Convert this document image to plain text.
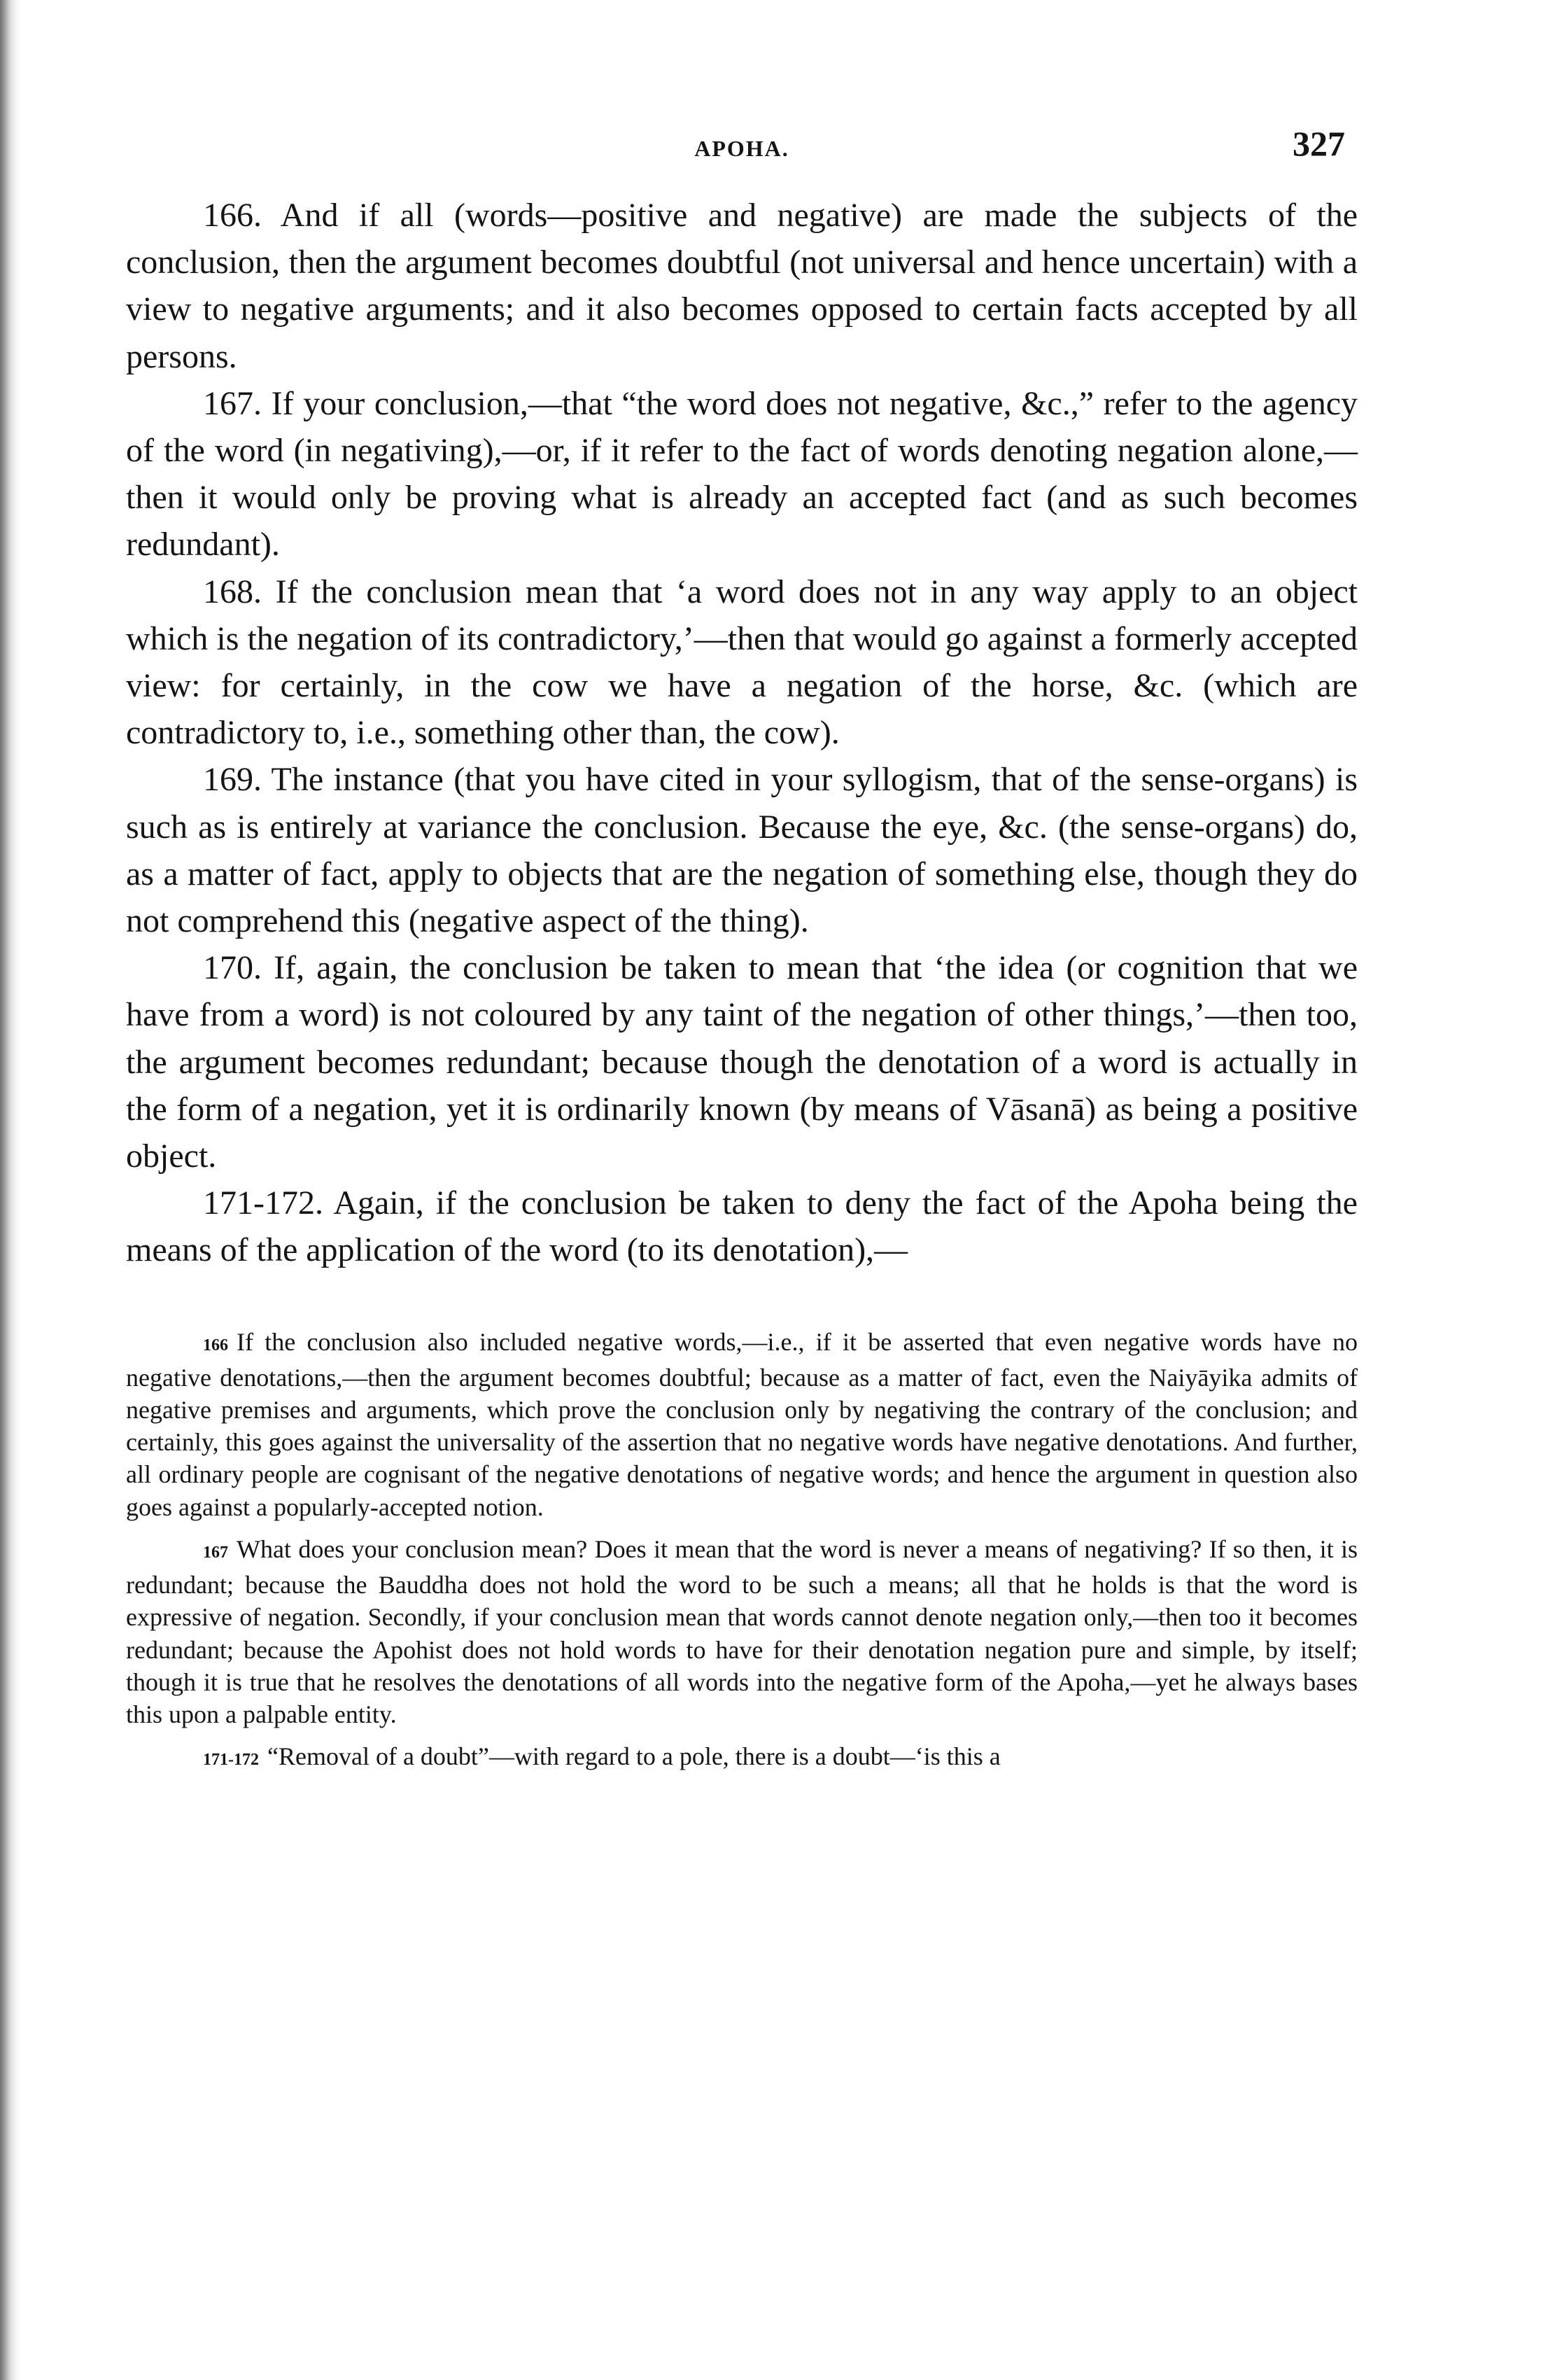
APOHA.	327

166. And if all (words—positive and negative) are made the subjects of the conclusion, then the argument becomes doubtful (not universal and hence uncertain) with a view to negative arguments; and it also becomes opposed to certain facts accepted by all persons.

167. If your conclusion,—that “the word does not negative, &c.,” refer to the agency of the word (in negativing),—or, if it refer to the fact of words denoting negation alone,—then it would only be proving what is already an accepted fact (and as such becomes redundant).

168. If the conclusion mean that ‘a word does not in any way apply to an object which is the negation of its contradictory,’—then that would go against a formerly accepted view: for certainly, in the cow we have a negation of the horse, &c. (which are contradictory to, i.e., something other than, the cow).

169. The instance (that you have cited in your syllogism, that of the sense-organs) is such as is entirely at variance the conclusion. Because the eye, &c. (the sense-organs) do, as a matter of fact, apply to objects that are the negation of something else, though they do not comprehend this (negative aspect of the thing).

170. If, again, the conclusion be taken to mean that ‘the idea (or cognition that we have from a word) is not coloured by any taint of the negation of other things,’—then too, the argument becomes redundant; because though the denotation of a word is actually in the form of a negation, yet it is ordinarily known (by means of Vāsanā) as being a positive object.

171-172. Again, if the conclusion be taken to deny the fact of the Apoha being the means of the application of the word (to its denotation),—

166 If the conclusion also included negative words,—i.e., if it be asserted that even negative words have no negative denotations,—then the argument becomes doubtful; because as a matter of fact, even the Naiyāyika admits of negative premises and arguments, which prove the conclusion only by negativing the contrary of the conclusion; and certainly, this goes against the universality of the assertion that no negative words have negative denotations. And further, all ordinary people are cognisant of the negative denotations of negative words; and hence the argument in question also goes against a popularly-accepted notion.

167 What does your conclusion mean? Does it mean that the word is never a means of negativing? If so then, it is redundant; because the Bauddha does not hold the word to be such a means; all that he holds is that the word is expressive of negation. Secondly, if your conclusion mean that words cannot denote negation only,—then too it becomes redundant; because the Apohist does not hold words to have for their denotation negation pure and simple, by itself; though it is true that he resolves the denotations of all words into the negative form of the Apoha,—yet he always bases this upon a palpable entity.

171-172 “Removal of a doubt”—with regard to a pole, there is a doubt—‘is this a
